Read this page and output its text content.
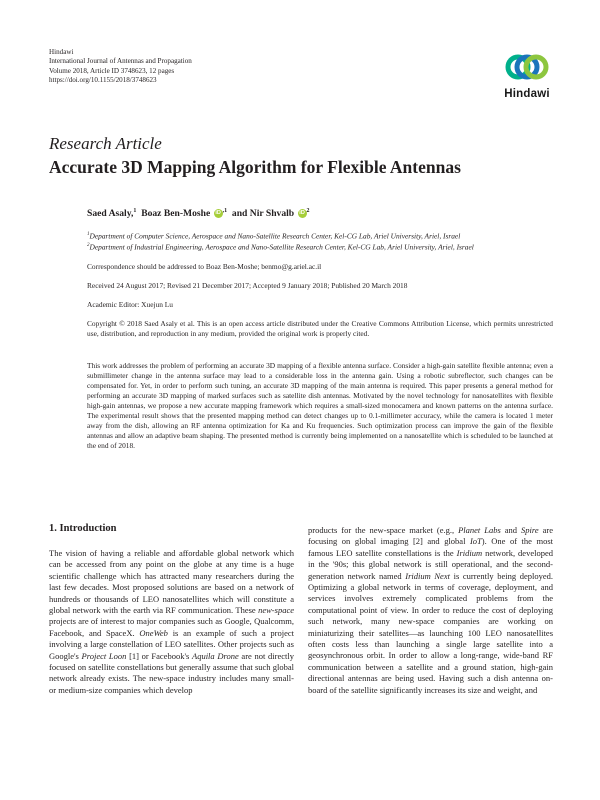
Hindawi
International Journal of Antennas and Propagation
Volume 2018, Article ID 3748623, 12 pages
https://doi.org/10.1155/2018/3748623
Hindawi
Research Article
Accurate 3D Mapping Algorithm for Flexible Antennas
Saed Asaly,$^1$ Boaz Ben-Moshe iD $^{,1}$ and Nir Shvalb iD $^2$
$^1$Department of Computer Science, Aerospace and Nano-Satellite Research Center, Kel-CG Lab, Ariel University, Ariel, Israel
$^2$Department of Industrial Engineering, Aerospace and Nano-Satellite Research Center, Kel-CG Lab, Ariel University, Ariel, Israel
Correspondence should be addressed to Boaz Ben-Moshe; benmo@g.ariel.ac.il
Received 24 August 2017; Revised 21 December 2017; Accepted 9 January 2018; Published 20 March 2018
Academic Editor: Xuejun Lu
Copyright © 2018 Saed Asaly et al. This is an open access article distributed under the Creative Commons Attribution License, which permits unrestricted use, distribution, and reproduction in any medium, provided the original work is properly cited.
This work addresses the problem of performing an accurate 3D mapping of a flexible antenna surface. Consider a high-gain satellite flexible antenna; even a submillimeter change in the antenna surface may lead to a considerable loss in the antenna gain. Using a robotic subreflector, such changes can be compensated for. Yet, in order to perform such tuning, an accurate 3D mapping of the main antenna is required. This paper presents a general method for performing an accurate 3D mapping of marked surfaces such as satellite dish antennas. Motivated by the novel technology for nanosatellites with flexible high-gain antennas, we propose a new accurate mapping framework which requires a small-sized monocamera and known patterns on the antenna surface. The experimental result shows that the presented mapping method can detect changes up to 0.1-millimeter accuracy, while the camera is located 1 meter away from the dish, allowing an RF antenna optimization for Ka and Ku frequencies. Such optimization process can improve the gain of the flexible antennas and allow an adaptive beam shaping. The presented method is currently being implemented on a nanosatellite which is scheduled to be launched at the end of 2018.
1. Introduction
The vision of having a reliable and affordable global network which can be accessed from any point on the globe at any time is a huge scientific challenge which has attracted many researchers during the last few decades. Most proposed solutions are based on a network of hundreds or thousands of LEO nanosatellites which will constitute a global network with the earth via RF communication. These new-space projects are of interest to major companies such as Google, Qualcomm, Facebook, and SpaceX. OneWeb is an example of such a project involving a large constellation of LEO satellites. Other projects such as Google's Project Loon [1] or Facebook's Aquila Drone are not directly focused on satellite constellations but generally assume that such global network already exists. The new-space industry includes many small- or medium-size companies which develop
products for the new-space market (e.g., Planet Labs and Spire are focusing on global imaging [2] and global IoT). One of the most famous LEO satellite constellations is the Iridium network, developed in the '90s; this global network is still operational, and the second-generation network named Iridium Next is currently being deployed. Optimizing a global network in terms of coverage, deployment, and services involves extremely complicated problems from the computational point of view. In order to reduce the cost of deploying such network, many new-space companies are working on miniaturizing their satellites—as launching 100 LEO nanosatellites often costs less than launching a single large satellite into a geosynchronous orbit. In order to allow a long-range, wide-band RF communication between a satellite and a ground station, high-gain directional antennas are being used. Having such a dish antenna on-board of the satellite significantly increases its size and weight, and
